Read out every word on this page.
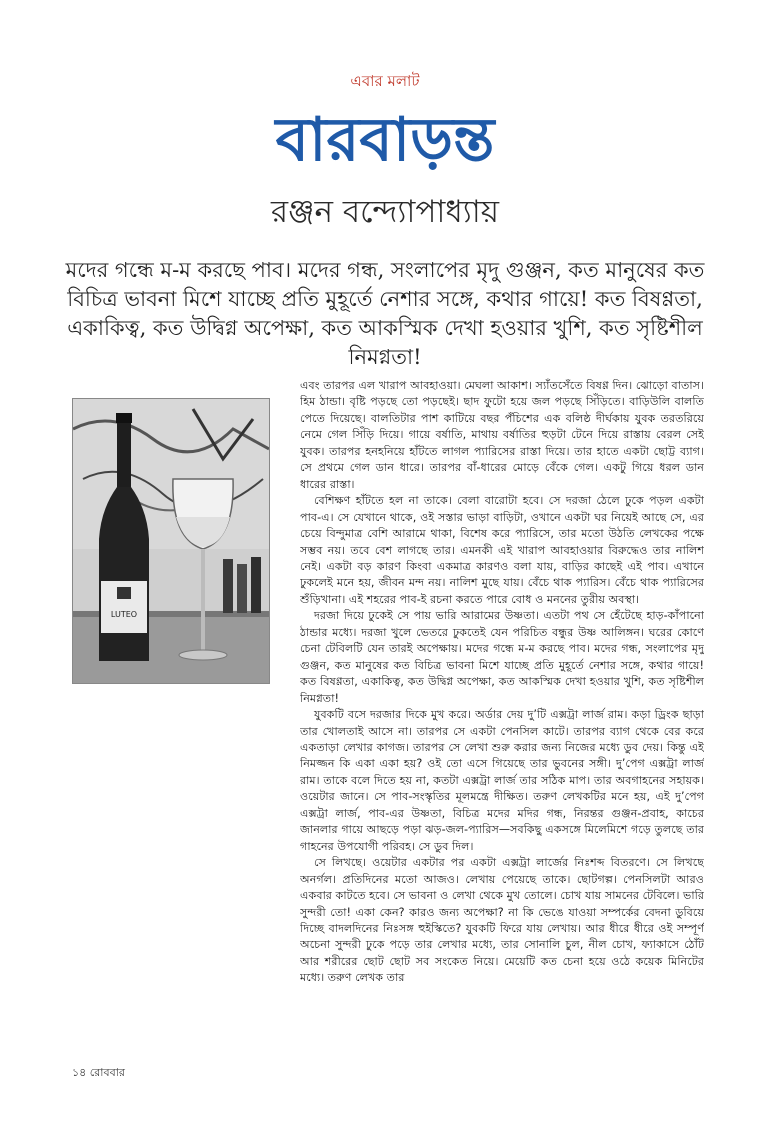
এবার মলাট
বারবাড়ন্ত
রঞ্জন বন্দ্যোপাধ্যায়
মদের গন্ধে ম-ম করছে পাব। মদের গন্ধ, সংলাপের মৃদু গুঞ্জন, কত মানুষের কত বিচিত্র ভাবনা মিশে যাচ্ছে প্রতি মুহূর্তে নেশার সঙ্গে, কথার গায়ে! কত বিষণ্ণতা, একাকিত্ব, কত উদ্বিগ্ন অপেক্ষা, কত আকস্মিক দেখা হওয়ার খুশি, কত সৃষ্টিশীল নিমগ্নতা!
LUTEO

এবং তারপর এল খারাপ আবহাওয়া। মেঘলা আকাশ। স্যাঁতসেঁতে বিষণ্ণ দিন। ঝোড়ো বাতাস। হিম ঠান্ডা। বৃষ্টি পড়ছে তো পড়ছেই। ছাদ ফুটো হয়ে জল পড়ছে সিঁড়িতে। বাড়িউলি বালতি পেতে দিয়েছে। বালতিটার পাশ কাটিয়ে বছর পঁচিশের এক বলিষ্ঠ দীর্ঘকায় যুবক তরতরিয়ে নেমে গেল সিঁড়ি দিয়ে। গায়ে বর্ষাতি, মাথায় বর্ষাতির হুড়টা টেনে দিয়ে রাস্তায় বেরল সেই যুবক। তারপর হনহনিয়ে হাঁটতে লাগল প্যারিসের রাস্তা দিয়ে। তার হাতে একটা ছোট্ট ব্যাগ। সে প্রথমে গেল ডান ধারে। তারপর বাঁ-ধারের মোড়ে বেঁকে গেল। একটু গিয়ে ধরল ডান ধারের রাস্তা।

বেশিক্ষণ হাঁটতে হল না তাকে। বেলা বারোটা হবে। সে দরজা ঠেলে ঢুকে পড়ল একটা পাব-এ। সে যেখানে থাকে, ওই সস্তার ভাড়া বাড়িটা, ওখানে একটা ঘর নিয়েই আছে সে, এর চেয়ে বিন্দুমাত্র বেশি আরামে থাকা, বিশেষ করে প্যারিসে, তার মতো উঠতি লেখকের পক্ষে সম্ভব নয়। তবে বেশ লাগছে তার। এমনকী এই খারাপ আবহাওয়ার বিরুদ্ধেও তার নালিশ নেই। একটা বড় কারণ কিংবা একমাত্র কারণও বলা যায়, বাড়ির কাছেই এই পাব। এখানে ঢুকলেই মনে হয়, জীবন মন্দ নয়। নালিশ মুছে যায়। বেঁচে থাক প্যারিস। বেঁচে থাক প্যারিসের শুঁড়িখানা। এই শহরের পাব-ই রচনা করতে পারে বোধ ও মননের তুরীয় অবস্থা।

দরজা দিয়ে ঢুকেই সে পায় ভারি আরামের উষ্ণতা। এতটা পথ সে হেঁটেছে হাড়-কাঁপানো ঠান্ডার মধ্যে। দরজা খুলে ভেতরে ঢুকতেই যেন পরিচিত বন্ধুর উষ্ণ আলিঙ্গন। ঘরের কোণে চেনা টেবিলটি যেন তারই অপেক্ষায়। মদের গন্ধে ম-ম করছে পাব। মদের গন্ধ, সংলাপের মৃদু গুঞ্জন, কত মানুষের কত বিচিত্র ভাবনা মিশে যাচ্ছে প্রতি মুহূর্তে নেশার সঙ্গে, কথার গায়ে! কত বিষণ্ণতা, একাকিত্ব, কত উদ্বিগ্ন অপেক্ষা, কত আকস্মিক দেখা হওয়ার খুশি, কত সৃষ্টিশীল নিমগ্নতা!

যুবকটি বসে দরজার দিকে মুখ করে। অর্ডার দেয় দু’টি এক্সট্রা লার্জ রাম। কড়া ড্রিংক ছাড়া তার খোলতাই আসে না। তারপর সে একটা পেনসিল কাটে। তারপর ব্যাগ থেকে বের করে একতাড়া লেখার কাগজ। তারপর সে লেখা শুরু করার জন্য নিজের মধ্যে ডুব দেয়। কিন্তু এই নিমজ্জন কি একা একা হয়? ওই তো এসে গিয়েছে তার ভুবনের সঙ্গী। দু’পেগ এক্সট্রা লার্জ রাম। তাকে বলে দিতে হয় না, কতটা এক্সট্রা লার্জ তার সঠিক মাপ। তার অবগাহনের সহায়ক। ওয়েটার জানে। সে পাব-সংস্কৃতির মূলমন্ত্রে দীক্ষিত। তরুণ লেখকটির মনে হয়, এই দু’পেগ এক্সট্রা লার্জ, পাব-এর উষ্ণতা, বিচিত্র মদের মদির গন্ধ, নিরন্তর গুঞ্জন-প্রবাহ, কাচের জানলার গায়ে আছড়ে পড়া ঝড়-জল-প্যারিস—সবকিছু একসঙ্গে মিলেমিশে গড়ে তুলছে তার গাহনের উপযোগী পরিবহ। সে ডুব দিল।

সে লিখছে। ওয়েটার একটার পর একটা এক্সট্রা লার্জের নিঃশব্দ বিতরণে। সে লিখছে অনর্গল। প্রতিদিনের মতো আজও। লেখায় পেয়েছে তাকে। ছোটগল্প। পেনসিলটা আরও একবার কাটতে হবে। সে ভাবনা ও লেখা থেকে মুখ তোলে। চোখ যায় সামনের টেবিলে। ভারি সুন্দরী তো! একা কেন? কারও জন্য অপেক্ষা? না কি ভেঙে যাওয়া সম্পর্কের বেদনা ডুবিয়ে দিচ্ছে বাদলদিনের নিঃসঙ্গ হুইস্কিতে? যুবকটি ফিরে যায় লেখায়। আর ধীরে ধীরে ওই সম্পূর্ণ অচেনা সুন্দরী ঢুকে পড়ে তার লেখার মধ্যে, তার সোনালি চুল, নীল চোখ, ফ্যাকাসে ঠোঁট আর শরীরের ছোট ছোট সব সংকেত নিয়ে। মেয়েটি কত চেনা হয়ে ওঠে কয়েক মিনিটের মধ্যে। তরুণ লেখক তার

১৪ রোববার
